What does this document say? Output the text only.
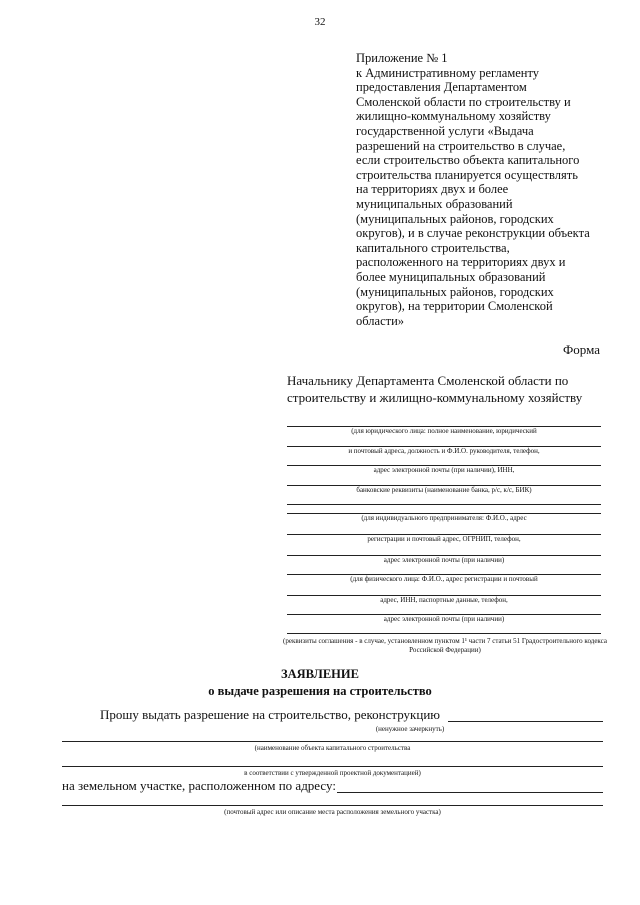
32
Приложение № 1
к Административному регламенту
предоставления Департаментом
Смоленской области по строительству и
жилищно-коммунальному хозяйству
государственной услуги «Выдача
разрешений на строительство в случае,
если строительство объекта капитального
строительства планируется осуществлять
на территориях двух и более
муниципальных образований
(муниципальных районов, городских
округов), и в случае реконструкции объекта
капитального строительства,
расположенного на территориях двух и
более муниципальных образований
(муниципальных районов, городских
округов), на территории Смоленской
области»
Форма
Начальнику Департамента Смоленской области по строительству и жилищно-коммунальному хозяйству
(для юридического лица: полное наименование, юридический
и почтовый адреса, должность и Ф.И.О. руководителя, телефон,
адрес электронной почты (при наличии), ИНН,
банковские реквизиты (наименование банка, р/с, к/с, БИК)
(для индивидуального предпринимателя: Ф.И.О., адрес
регистрации и почтовый адрес, ОГРНИП, телефон,
адрес электронной почты (при наличии)
(для физического лица: Ф.И.О., адрес регистрации и почтовый
адрес, ИНН, паспортные данные, телефон,
адрес электронной почты (при наличии)
(реквизиты соглашения - в случае, установленном пунктом 1¹ части 7 статьи 51 Градостроительного кодекса Российской Федерации)
ЗАЯВЛЕНИЕ
о выдаче разрешения на строительство
Прошу выдать разрешение на строительство, реконструкцию
(ненужное зачеркнуть)
(наименование объекта капитального строительства
в соответствии с утвержденной проектной документацией)
на земельном участке, расположенном по адресу:
(почтовый адрес или описание места расположения земельного участка)
